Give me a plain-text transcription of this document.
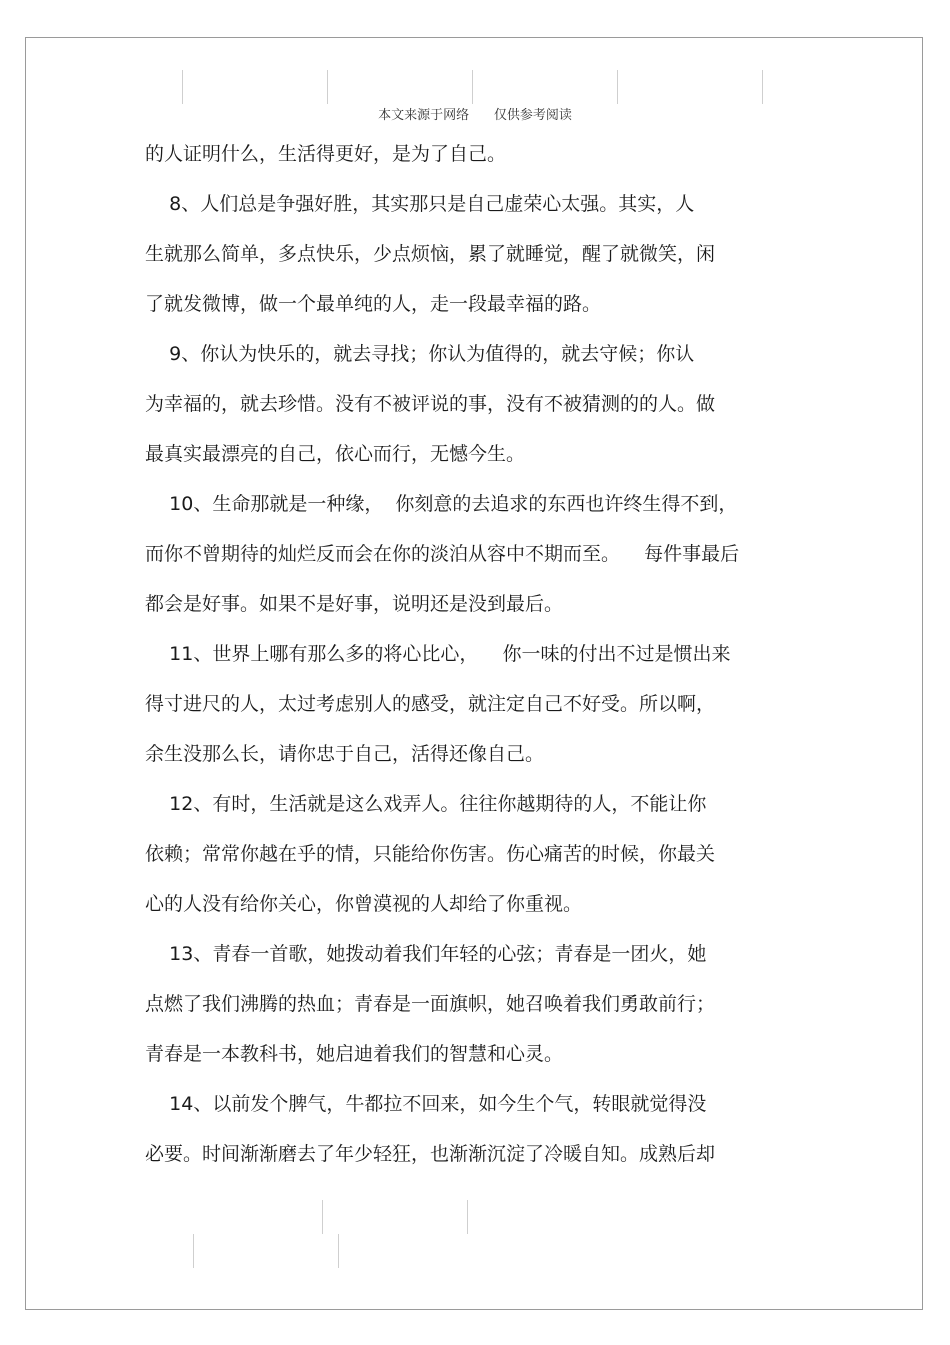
本文来源于网络      仅供参考阅读
的人证明什么，生活得更好，是为了自己。
8、人们总是争强好胜，其实那只是自己虚荣心太强。其实，人
生就那么简单，多点快乐，少点烦恼，累了就睡觉，醒了就微笑，闲
了就发微博，做一个最单纯的人，走一段最幸福的路。
9、你认为快乐的，就去寻找；你认为值得的，就去守候；你认
为幸福的，就去珍惜。没有不被评说的事，没有不被猜测的的人。做
最真实最漂亮的自己，依心而行，无憾今生。
10、生命那就是一种缘，  你刻意的去追求的东西也许终生得不到，
而你不曾期待的灿烂反而会在你的淡泊从容中不期而至。    每件事最后
都会是好事。如果不是好事，说明还是没到最后。
11、世界上哪有那么多的将心比心，    你一味的付出不过是惯出来
得寸进尺的人，太过考虑别人的感受，就注定自己不好受。所以啊，
余生没那么长，请你忠于自己，活得还像自己。
12、有时，生活就是这么戏弄人。往往你越期待的人，不能让你
依赖；常常你越在乎的情，只能给你伤害。伤心痛苦的时候，你最关
心的人没有给你关心，你曾漠视的人却给了你重视。
13、青春一首歌，她拨动着我们年轻的心弦；青春是一团火，她
点燃了我们沸腾的热血；青春是一面旗帜，她召唤着我们勇敢前行；
青春是一本教科书，她启迪着我们的智慧和心灵。
14、以前发个脾气，牛都拉不回来，如今生个气，转眼就觉得没
必要。时间渐渐磨去了年少轻狂，也渐渐沉淀了冷暖自知。成熟后却
